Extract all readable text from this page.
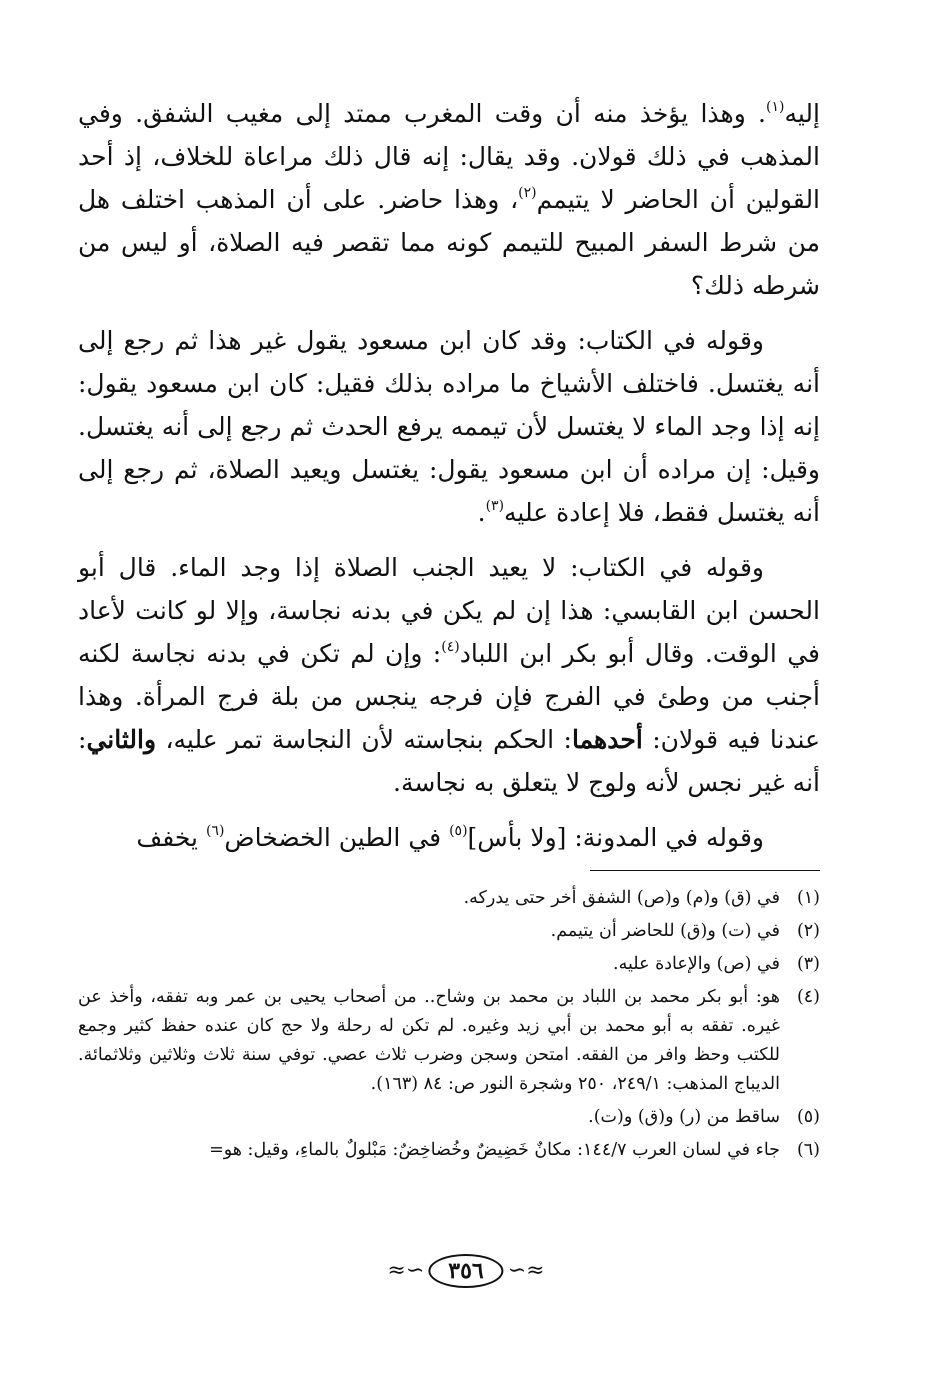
إليه$^{(١)}$. وهذا يؤخذ منه أن وقت المغرب ممتد إلى مغيب الشفق. وفي المذهب في ذلك قولان. وقد يقال: إنه قال ذلك مراعاة للخلاف، إذ أحد القولين أن الحاضر لا يتيمم$^{(٢)}$، وهذا حاضر. على أن المذهب اختلف هل من شرط السفر المبيح للتيمم كونه مما تقصر فيه الصلاة، أو ليس من شرطه ذلك؟

وقوله في الكتاب: وقد كان ابن مسعود يقول غير هذا ثم رجع إلى أنه يغتسل. فاختلف الأشياخ ما مراده بذلك فقيل: كان ابن مسعود يقول: إنه إذا وجد الماء لا يغتسل لأن تيممه يرفع الحدث ثم رجع إلى أنه يغتسل. وقيل: إن مراده أن ابن مسعود يقول: يغتسل ويعيد الصلاة، ثم رجع إلى أنه يغتسل فقط، فلا إعادة عليه$^{(٣)}$.

وقوله في الكتاب: لا يعيد الجنب الصلاة إذا وجد الماء. قال أبو الحسن ابن القابسي: هذا إن لم يكن في بدنه نجاسة، وإلا لو كانت لأعاد في الوقت. وقال أبو بكر ابن اللباد$^{(٤)}$: وإن لم تكن في بدنه نجاسة لكنه أجنب من وطئ في الفرج فإن فرجه ينجس من بلة فرج المرأة. وهذا عندنا فيه قولان: أحدهما: الحكم بنجاسته لأن النجاسة تمر عليه، والثاني: أنه غير نجس لأنه ولوج لا يتعلق به نجاسة.

وقوله في المدونة: [ولا بأس]$^{(٥)}$ في الطين الخضخاض$^{(٦)}$ يخفف

(١)
في (ق) و(م) و(ص) الشفق أخر حتى يدركه.
(٢)
في (ت) و(ق) للحاضر أن يتيمم.
(٣)
في (ص) والإعادة عليه.
(٤)
هو: أبو بكر محمد بن اللباد بن محمد بن وشاح.. من أصحاب يحيى بن عمر وبه تفقه، وأخذ عن غيره. تفقه به أبو محمد بن أبي زيد وغيره. لم تكن له رحلة ولا حج كان عنده حفظ كثير وجمع للكتب وحظ وافر من الفقه. امتحن وسجن وضرب ثلاث عصي. توفي سنة ثلاث وثلاثين وثلاثمائة. الديباج المذهب: ٢٤٩/١، ٢٥٠ وشجرة النور ص: ٨٤ (١٦٣).
(٥)
ساقط من (ر) و(ق) و(ت).
(٦)
جاء في لسان العرب ١٤٤/٧: مكانٌ خَضِيضٌ وخُضاخِضٌ: مَبْلولٌ بالماءِ، وقيل: هو=
≈∽	٣٥٦	∽≈
